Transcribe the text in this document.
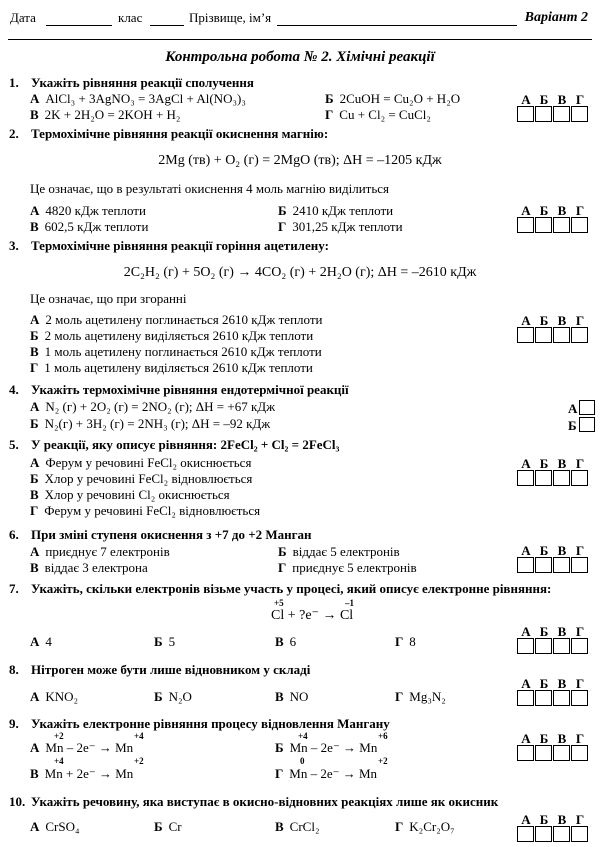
Дата	клас	Прізвище, ім’я	Варіант 2
Контрольна робота № 2. Хімічні реакції
1. Укажіть рівняння реакції сполучення
А AlCl₃ + 3AgNO₃ = 3AgCl + Al(NO₃)₃	Б 2CuOH = Cu₂O + H₂O
В 2K + 2H₂O = 2KOH + H₂	Г Cu + Cl₂ = CuCl₂
А Б В Г
2. Термохімічне рівняння реакції окиснення магнію:
2Mg (тв) + O₂ (г) = 2MgO (тв); ΔH = –1205 кДж
Це означає, що в результаті окиснення 4 моль магнію виділиться
А 4820 кДж теплоти	Б 2410 кДж теплоти
В 602,5 кДж теплоти	Г 301,25 кДж теплоти
А Б В Г
3. Термохімічне рівняння реакції горіння ацетилену:
2C₂H₂ (г) + 5O₂ (г) → 4CO₂ (г) + 2H₂O (г); ΔH = –2610 кДж
Це означає, що при згоранні
А 2 моль ацетилену поглинається 2610 кДж теплоти
Б 2 моль ацетилену виділяється 2610 кДж теплоти
В 1 моль ацетилену поглинається 2610 кДж теплоти
Г 1 моль ацетилену виділяється 2610 кДж теплоти
А Б В Г
4. Укажіть термохімічне рівняння ендотермічної реакції
А N₂ (г) + 2O₂ (г) = 2NO₂ (г); ΔH = +67 кДж
Б N₂(г) + 3H₂ (г) = 2NH₃ (г); ΔH = –92 кДж
А
Б
5. У реакції, яку описує рівняння: 2FeCl₂ + Cl₂ = 2FeCl₃
А Ферум у речовині FeCl₂ окиснюється
Б Хлор у речовині FeCl₂ відновлюється
В Хлор у речовині Cl₂ окиснюється
Г Ферум у речовині FeCl₂ відновлюється
А Б В Г
6. При зміні ступеня окиснення з +7 до +2 Манган
А приєднує 7 електронів	Б віддає 5 електронів
В віддає 3 електрона	Г приєднує 5 електронів
А Б В Г
7. Укажіть, скільки електронів візьме участь у процесі, який описує електронне рівняння:
+5	–1
Cl + ?e⁻ → Cl
А 4	Б 5	В 6	Г 8
А Б В Г
8. Нітроген може бути лише відновником у складі
А KNO₂	Б N₂O	В NO	Г Mg₃N₂
А Б В Г
9. Укажіть електронне рівняння процесу відновлення Мангану
+2	+4
А Mn – 2e⁻ → Mn
+4	+6
Б Mn – 2e⁻ → Mn
+4	+2
В Mn + 2e⁻ → Mn
0	+2
Г Mn – 2e⁻ → Mn
А Б В Г
10. Укажіть речовину, яка виступає в окисно-відновних реакціях лише як окисник
А CrSO₄	Б Cr	В CrCl₂	Г K₂Cr₂O₇	А Б В Г
